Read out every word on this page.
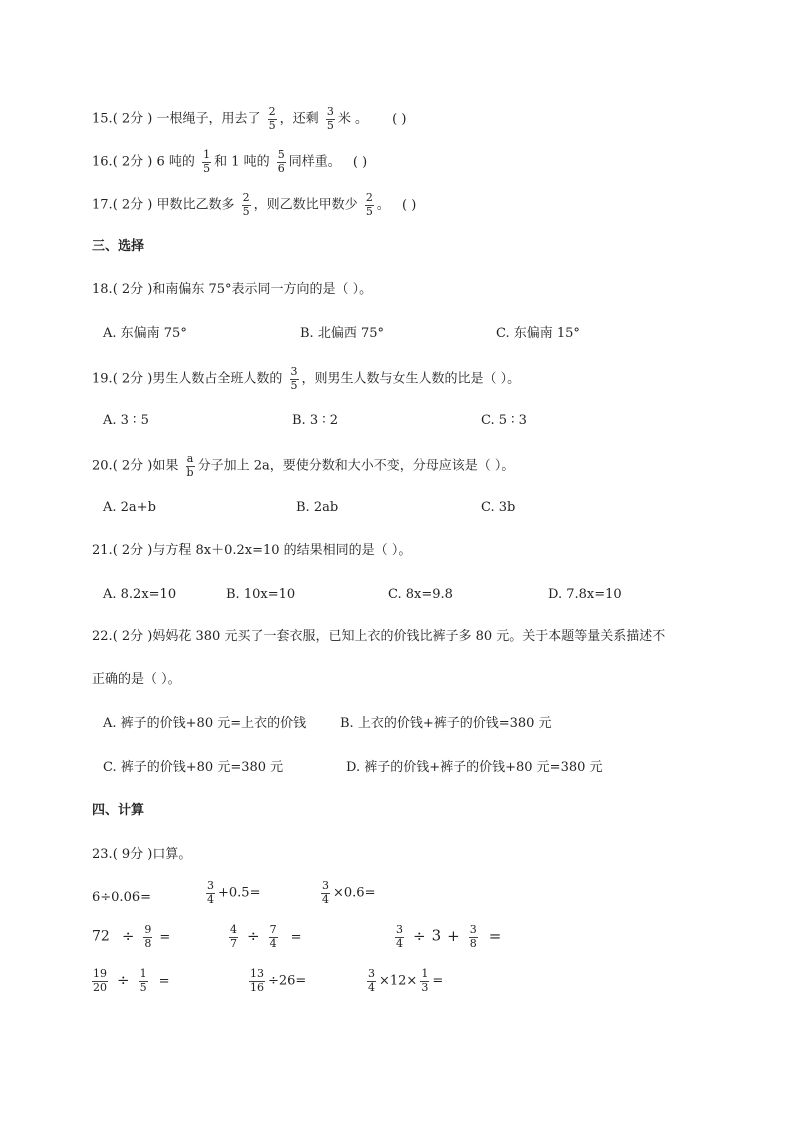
15.( 2分 ) 一根绳子，用去了 $\frac{2}{5}$ ，还剩 $\frac{3}{5}$ 米 。 ( )
16.( 2分 ) 6 吨的 $\frac{1}{5}$ 和 1 吨的 $\frac{5}{6}$ 同样重。 ( )
17.( 2分 ) 甲数比乙数多 $\frac{2}{5}$ ，则乙数比甲数少 $\frac{2}{5}$ 。 ( )
三、选择
18.( 2分 )和南偏东 75°表示同一方向的是（ ）。
A. 东偏南 75°	B. 北偏西 75°	C. 东偏南 15°
19.( 2分 )男生人数占全班人数的 $\frac{3}{5}$ ，则男生人数与女生人数的比是（ ）。
A. 3 ∶ 5	B. 3 ∶ 2	C. 5 ∶ 3
20.( 2分 )如果 $\frac{a}{b}$ 分子加上 2a，要使分数和大小不变，分母应该是（ ）。
A. 2a+b	B. 2ab	C. 3b
21.( 2分 )与方程 8x＋0.2x=10 的结果相同的是（ ）。
A. 8.2x=10	B. 10x=10	C. 8x=9.8	D. 7.8x=10
22.( 2分 )妈妈花 380 元买了一套衣服，已知上衣的价钱比裤子多 80 元。关于本题等量关系描述不
正确的是（ ）。
A. 裤子的价钱+80 元=上衣的价钱	B. 上衣的价钱+裤子的价钱=380 元
C. 裤子的价钱+80 元=380 元	D. 裤子的价钱+裤子的价钱+80 元=380 元
四、计算
23.( 9分 )口算。
6÷0.06=	$\frac{3}{4} +0.5=$	$\frac{3}{4} \times 0.6=$
$72 \div \frac{9}{8}$ =	$\frac{4}{7} \div \frac{7}{4}$ =	$\frac{3}{4} \div 3 + \frac{3}{8}$ =
$\frac{19}{20} \div \frac{1}{5}$ =	$\frac{13}{16} \div 26=$	$\frac{3}{4} \times 12\times \frac{1}{3}$ =
